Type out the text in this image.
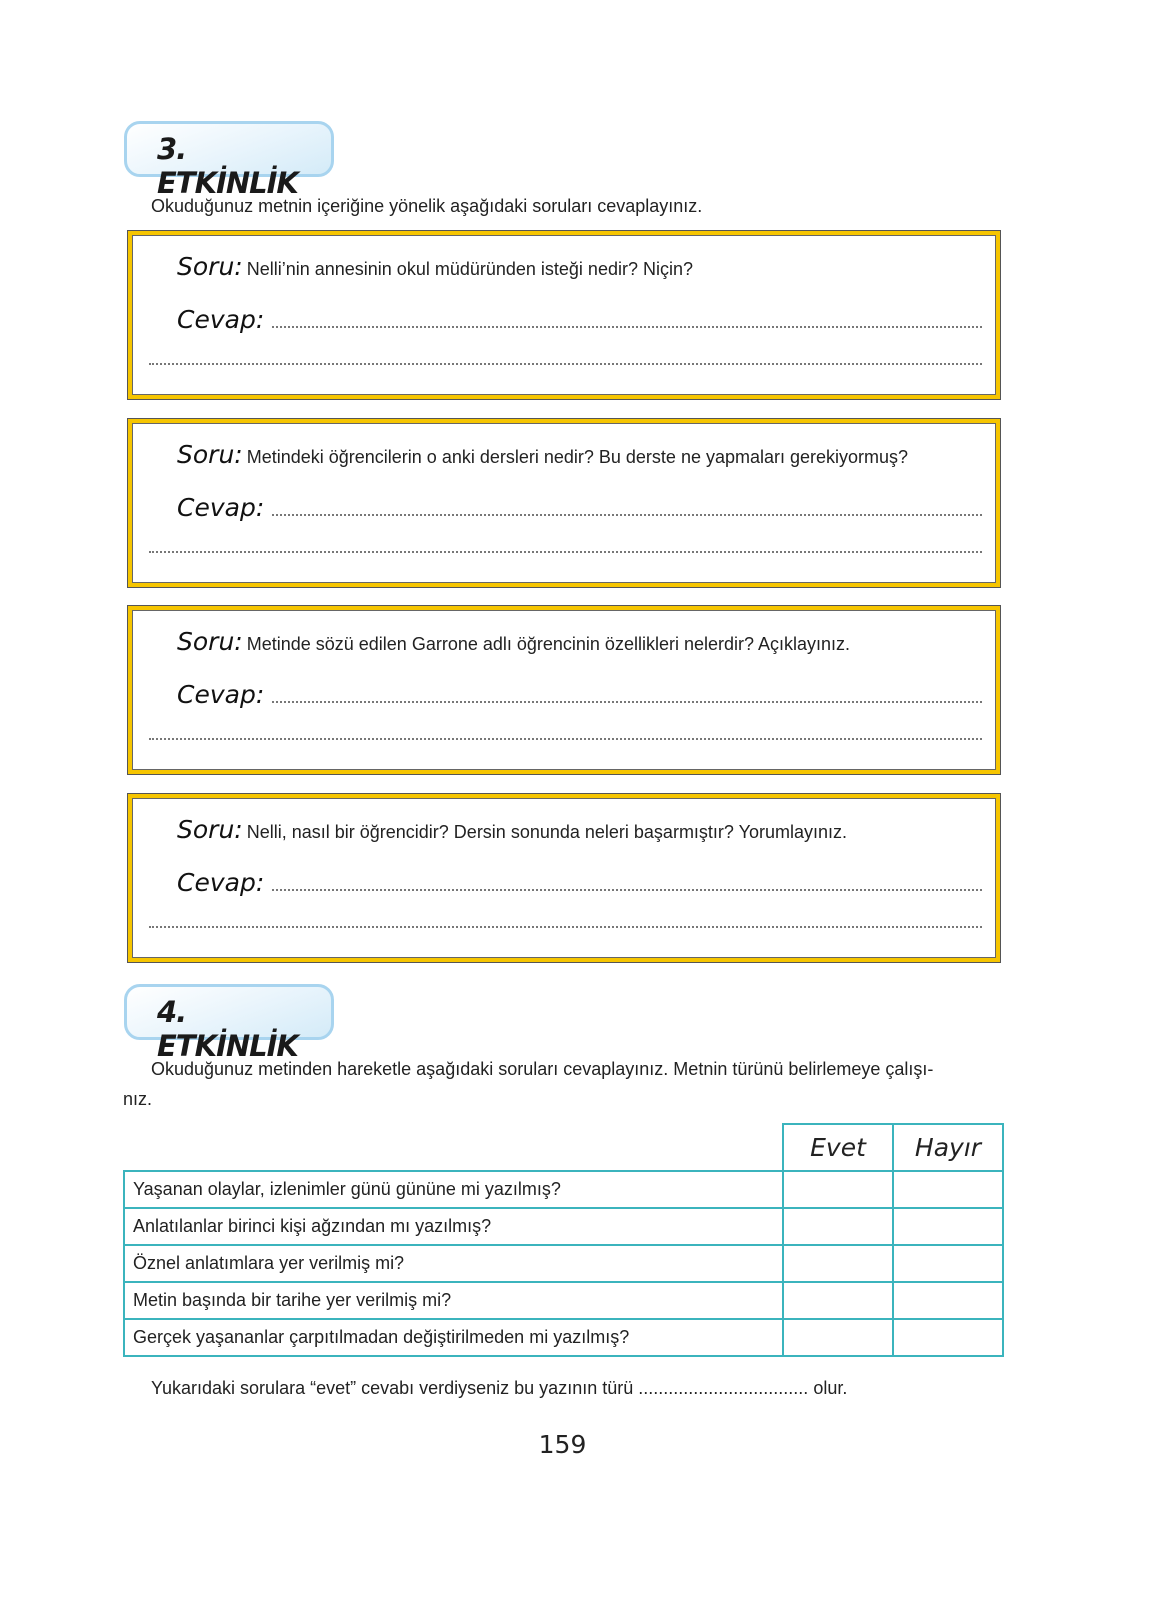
3. ETKİNLİK
Okuduğunuz metnin içeriğine yönelik aşağıdaki soruları cevaplayınız.
Soru: Nelli’nin annesinin okul müdüründen isteği nedir? Niçin?
Cevap:
Soru: Metindeki öğrencilerin o anki dersleri nedir? Bu derste ne yapmaları gerekiyormuş?
Cevap:
Soru: Metinde sözü edilen Garrone adlı öğrencinin özellikleri nelerdir? Açıklayınız.
Cevap:
Soru: Nelli, nasıl bir öğrencidir? Dersin sonunda neleri başarmıştır? Yorumlayınız.
Cevap:
4. ETKİNLİK
Okuduğunuz metinden hareketle aşağıdaki soruları cevaplayınız. Metnin türünü belirlemeye çalışı-
nız.
	Evet	Hayır
Yaşanan olaylar, izlenimler günü gününe mi yazılmış?		
Anlatılanlar birinci kişi ağzından mı yazılmış?		
Öznel anlatımlara yer verilmiş mi?		
Metin başında bir tarihe yer verilmiş mi?		
Gerçek yaşananlar çarpıtılmadan değiştirilmeden mi yazılmış?		
Yukarıdaki sorulara “evet” cevabı verdiyseniz bu yazının türü .................................. olur.
159
